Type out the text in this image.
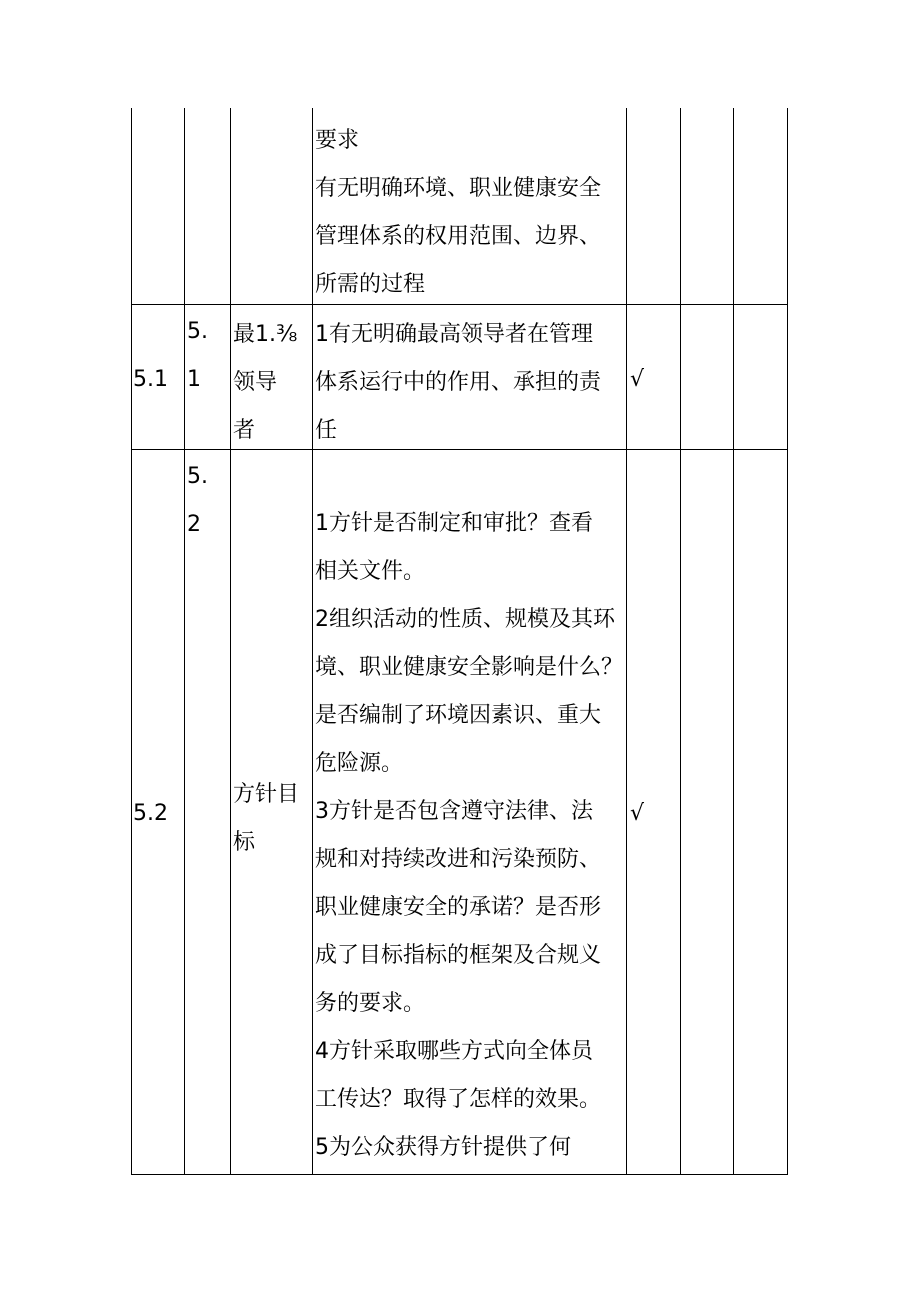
要求
有无明确环境、职业健康安全
管理体系的权用范围、边界、
所需的过程
5.1
5.
1
最1.⅜
领导
者
1有无明确最高领导者在管理
体系运行中的作用、承担的责
任
√
5.2
5.
2
方针目
标
1方针是否制定和审批？查看
相关文件。
2组织活动的性质、规模及其环
境、职业健康安全影响是什么？
是否编制了环境因素识、重大
危险源。
3方针是否包含遵守法律、法
规和对持续改进和污染预防、
职业健康安全的承诺？是否形
成了目标指标的框架及合规义
务的要求。
4方针采取哪些方式向全体员
工传达？取得了怎样的效果。
5为公众获得方针提供了何
√
